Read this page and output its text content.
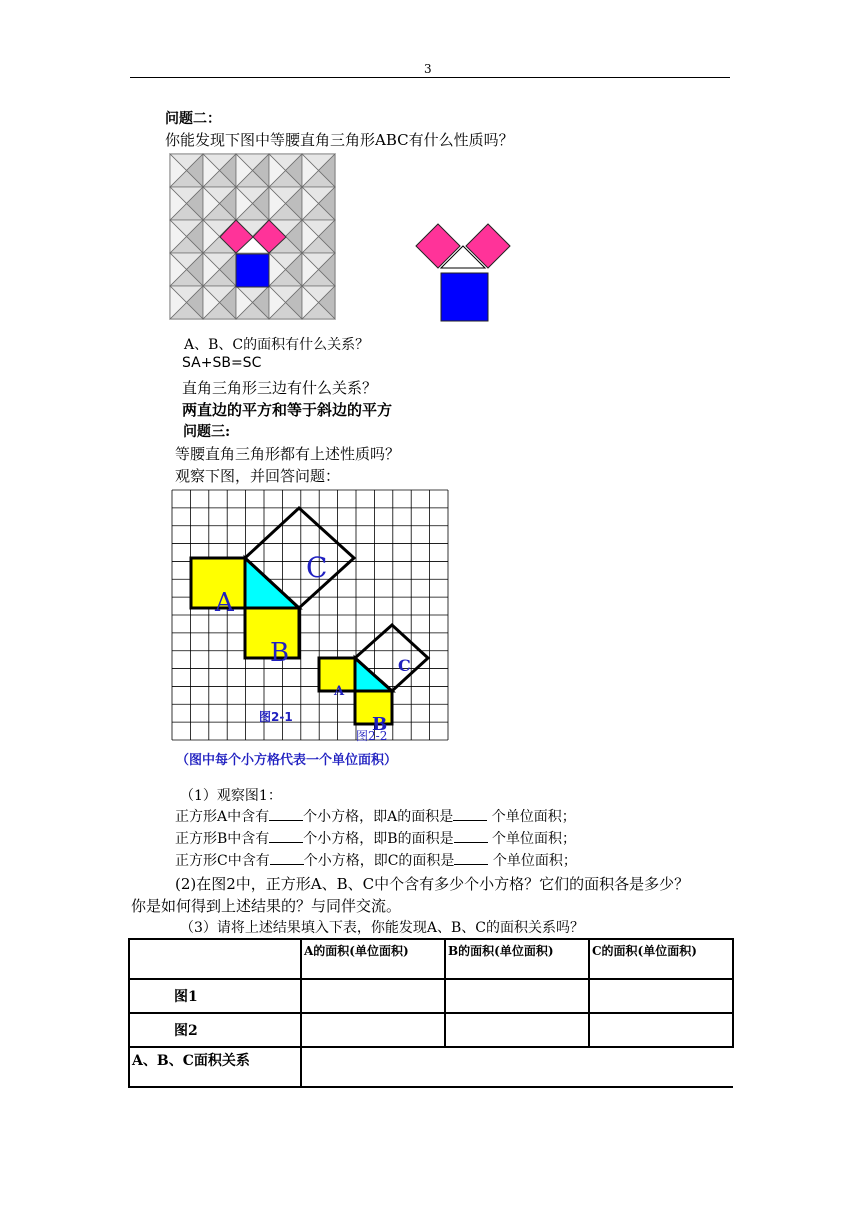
3
问题二：
你能发现下图中等腰直角三角形ABC有什么性质吗？
A、B、C的面积有什么关系？
SA+SB=SC
直角三角形三边有什么关系？
两直边的平方和等于斜边的平方
问题三:
等腰直角三角形都有上述性质吗？
观察下图，并回答问题：
A
B
C
A
B
C
图2-1
图2-2
（图中每个小方格代表一个单位面积）
（1）观察图1：
正方形A中含有 个小方格，即A的面积是 个单位面积；
正方形B中含有 个小方格，即B的面积是 个单位面积；
正方形C中含有 个小方格，即C的面积是 个单位面积；
(2)在图2中，正方形A、B、C中个含有多少个小方格？它们的面积各是多少？
你是如何得到上述结果的？与同伴交流。
（3）请将上述结果填入下表，你能发现A、B、C的面积关系吗？
	A的面积(单位面积)	B的面积(单位面积)	C的面积(单位面积)
图1			
图2			
A、B、C面积关系			
